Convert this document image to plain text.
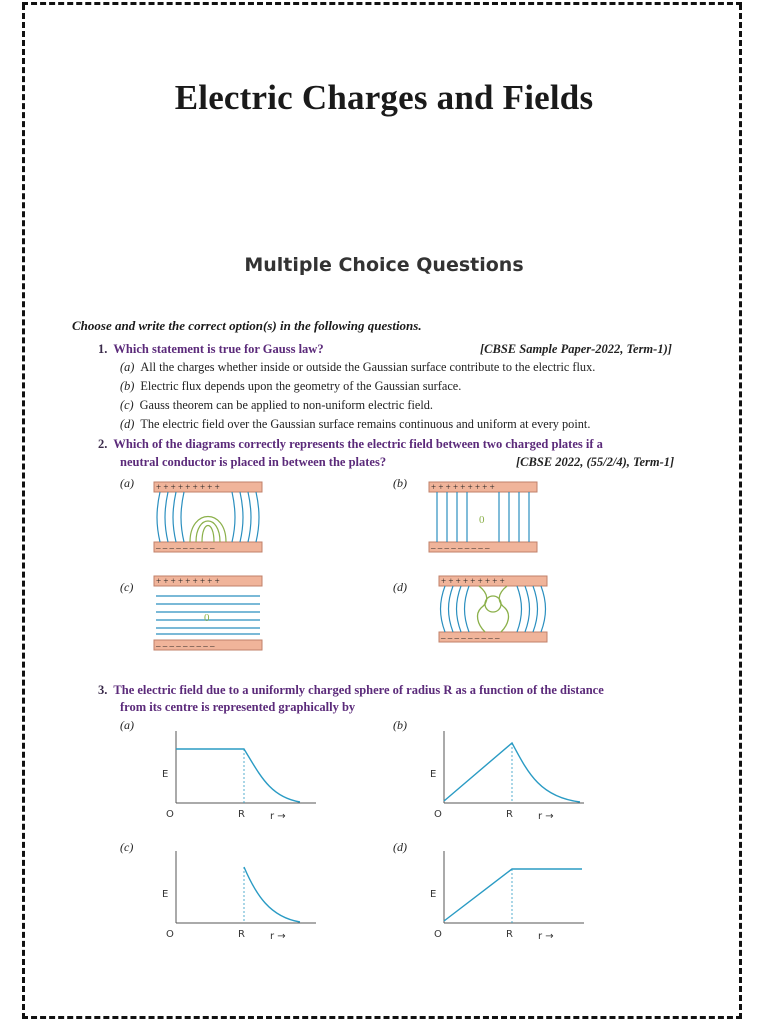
Electric Charges and Fields
Multiple Choice Questions
Choose and write the correct option(s) in the following questions.
1. Which statement is true for Gauss law?	[CBSE Sample Paper-2022, Term-1)]
(a) All the charges whether inside or outside the Gaussian surface contribute to the electric flux.
(b) Electric flux depends upon the geometry of the Gaussian surface.
(c) Gauss theorem can be applied to non-uniform electric field.
(d) The electric field over the Gaussian surface remains continuous and uniform at every point.
2. Which of the diagrams correctly represents the electric field between two charged plates if a
neutral conductor is placed in between the plates?	[CBSE 2022, (55/2/4), Term-1]
(a)	(b)
(c)	(d)
+ + + + + + + + +
– – – – – – – – –
+ + + + + + + + +
– – – – – – – – –
0
+ + + + + + + + +
– – – – – – – – –
0
+ + + + + + + + +
– – – – – – – – –
3. The electric field due to a uniformly charged sphere of radius R as a function of the distance
from its centre is represented graphically by
(a)	(b)
(c)	(d)
O	R	r →
E
O	R	r →
E
O	R	r →
E
O	R	r →
E
